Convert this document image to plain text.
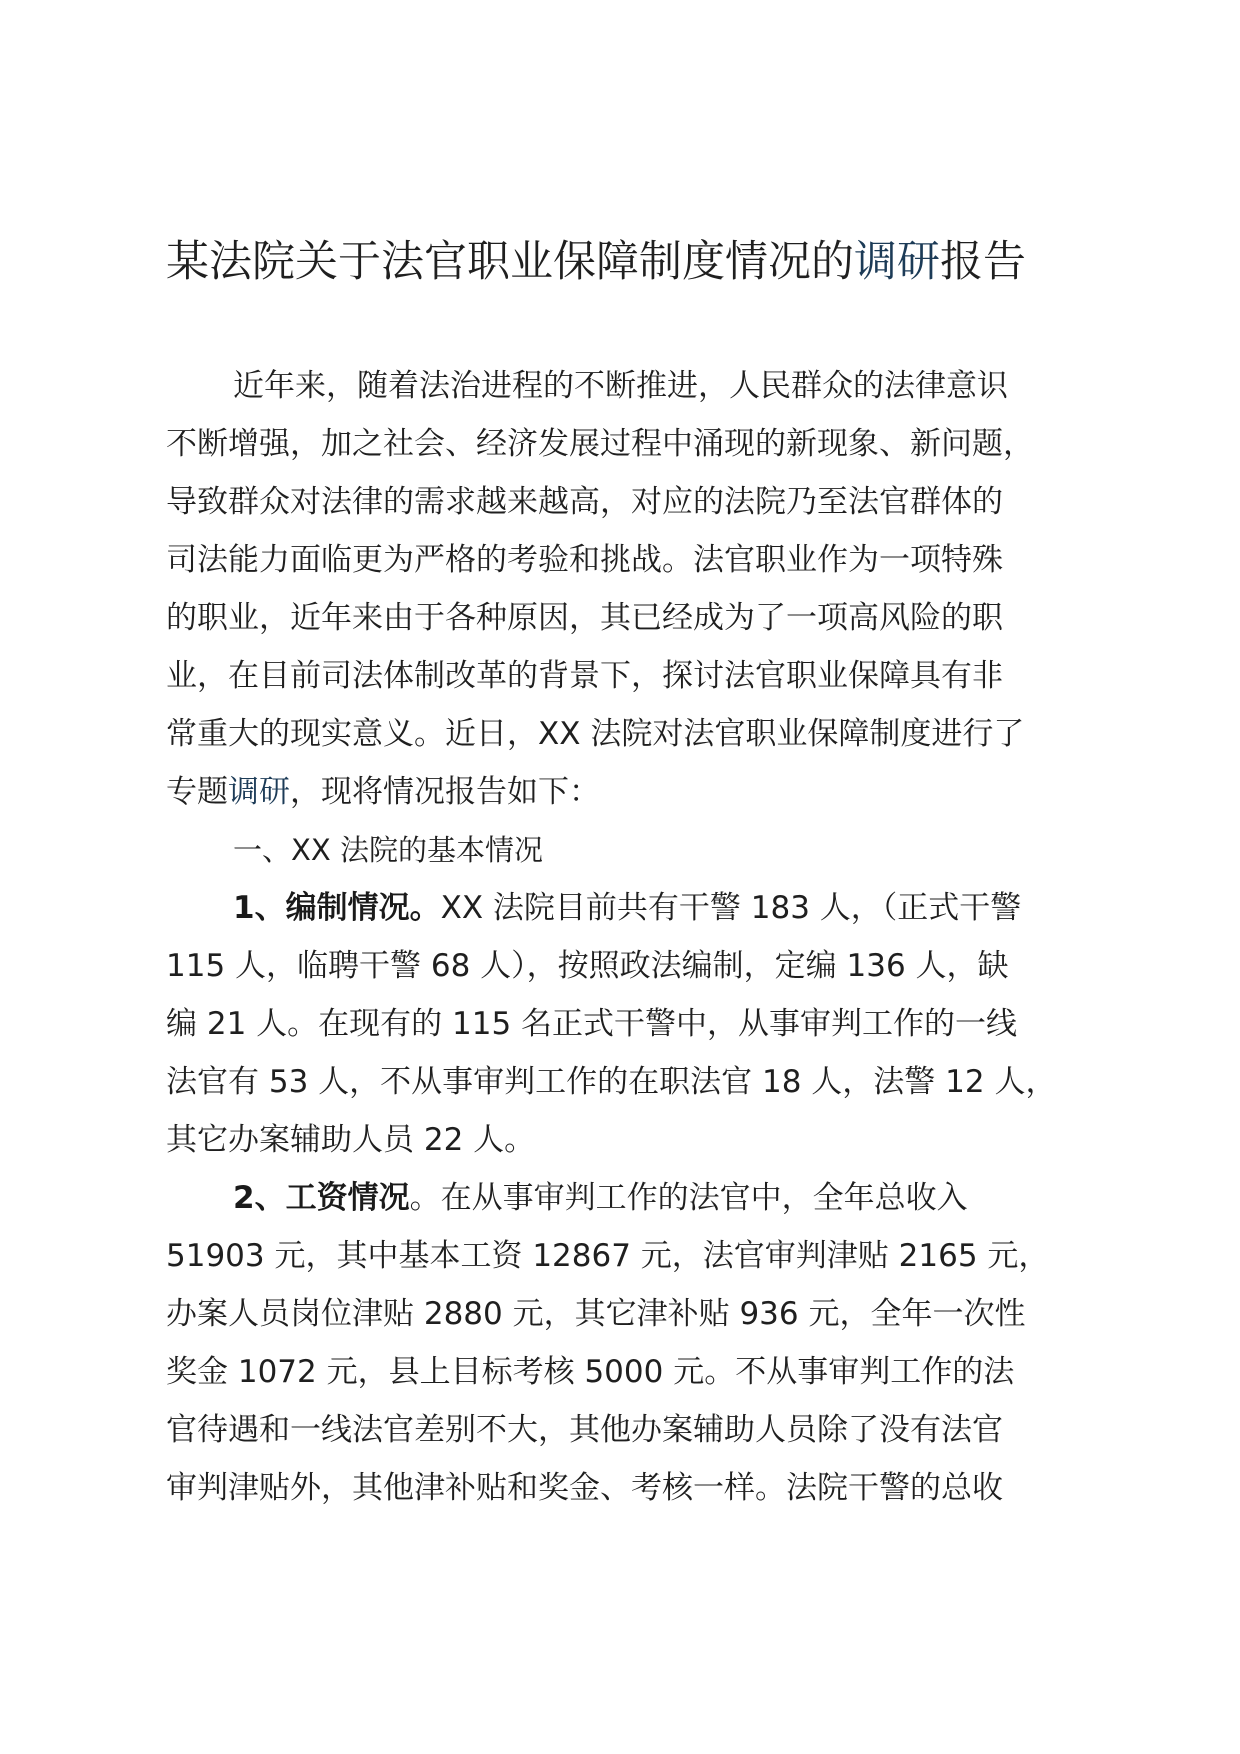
某法院关于法官职业保障制度情况的调研报告
近年来，随着法治进程的不断推进，人民群众的法律意识
不断增强，加之社会、经济发展过程中涌现的新现象、新问题，
导致群众对法律的需求越来越高，对应的法院乃至法官群体的
司法能力面临更为严格的考验和挑战。法官职业作为一项特殊
的职业，近年来由于各种原因，其已经成为了一项高风险的职
业，在目前司法体制改革的背景下，探讨法官职业保障具有非
常重大的现实意义。近日，XX 法院对法官职业保障制度进行了
专题调研，现将情况报告如下：
一、XX 法院的基本情况
1、编制情况。XX 法院目前共有干警 183 人，（正式干警
115 人，临聘干警 68 人），按照政法编制，定编 136 人，缺
编 21 人。在现有的 115 名正式干警中，从事审判工作的一线
法官有 53 人，不从事审判工作的在职法官 18 人，法警 12 人，
其它办案辅助人员 22 人。
2、工资情况。在从事审判工作的法官中，全年总收入
51903 元，其中基本工资 12867 元，法官审判津贴 2165 元，
办案人员岗位津贴 2880 元，其它津补贴 936 元，全年一次性
奖金 1072 元，县上目标考核 5000 元。不从事审判工作的法
官待遇和一线法官差别不大，其他办案辅助人员除了没有法官
审判津贴外，其他津补贴和奖金、考核一样。法院干警的总收
